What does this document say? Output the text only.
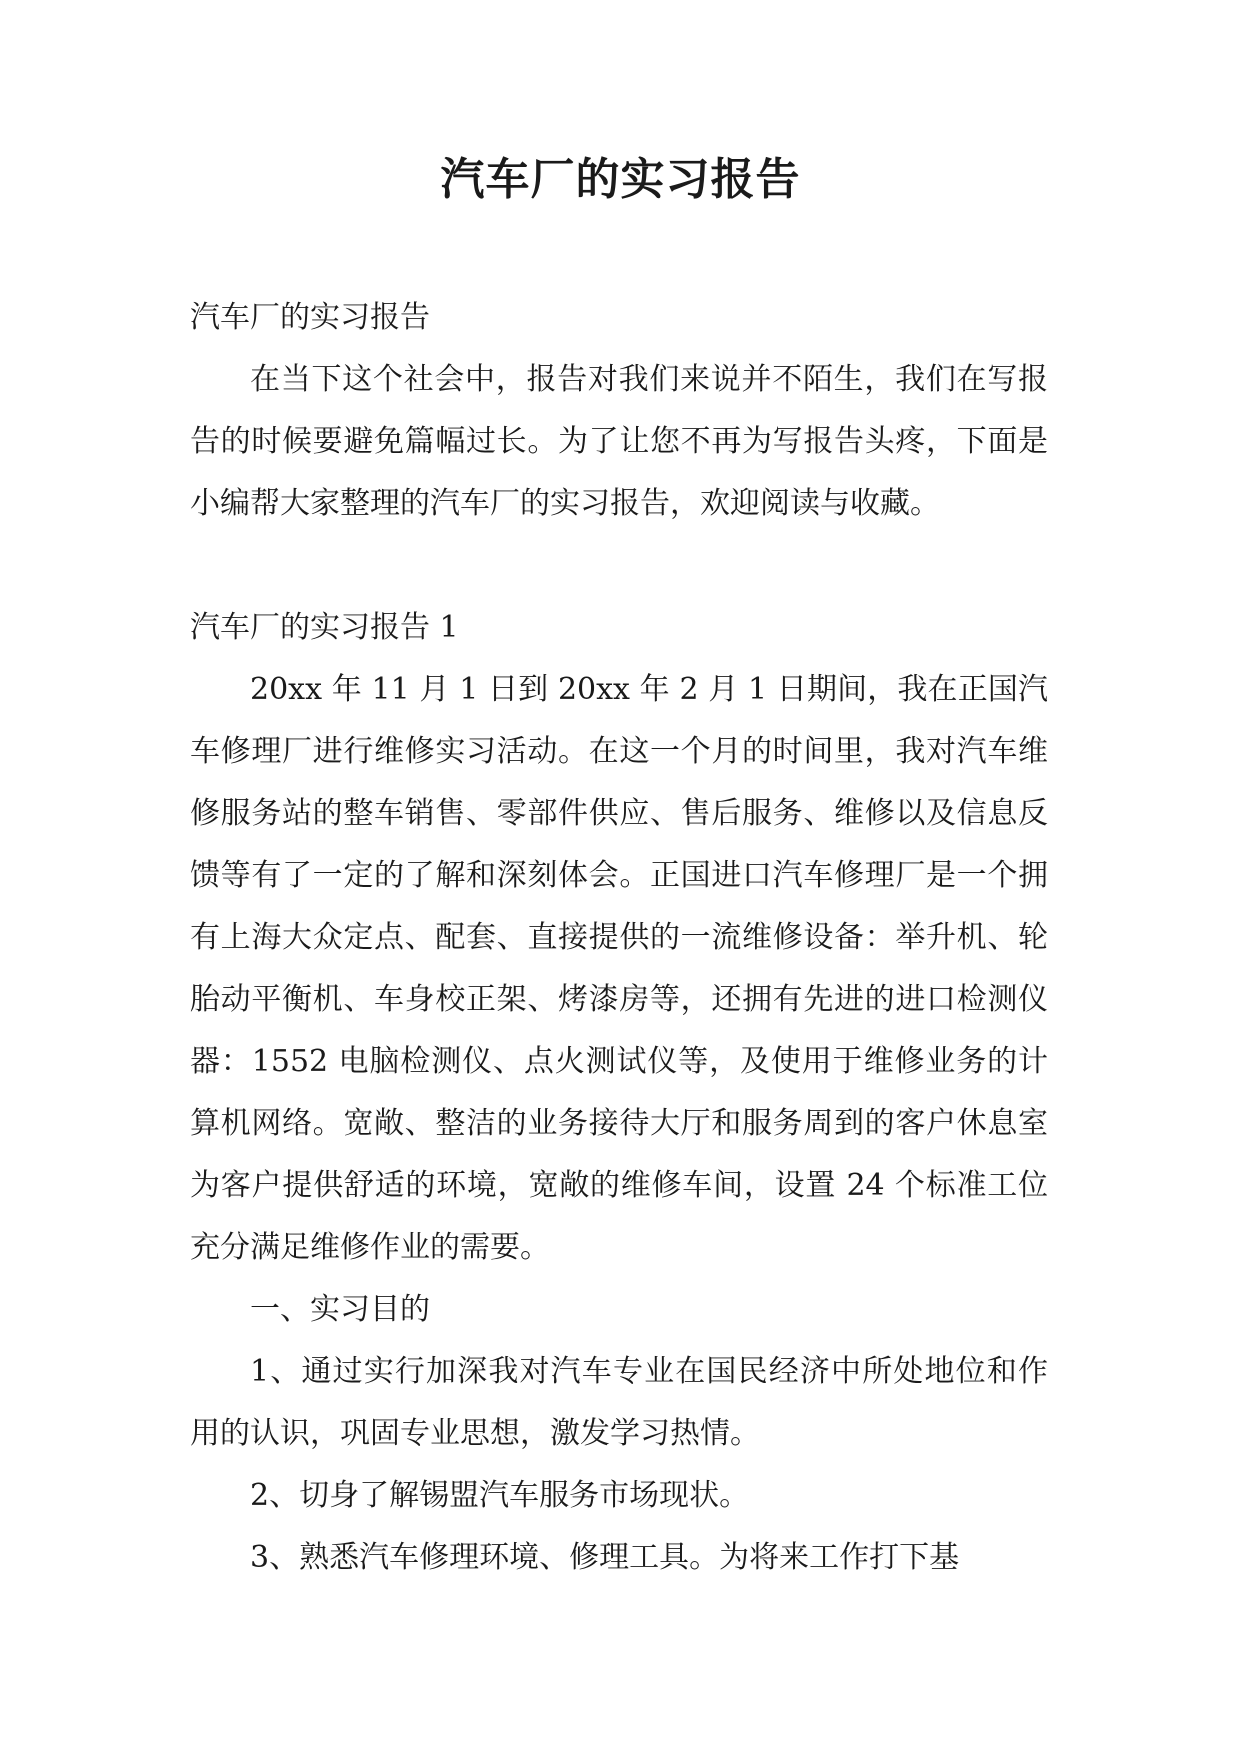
汽车厂的实习报告

汽车厂的实习报告

在当下这个社会中，报告对我们来说并不陌生，我们在写报告的时候要避免篇幅过长。为了让您不再为写报告头疼，下面是小编帮大家整理的汽车厂的实习报告，欢迎阅读与收藏。

汽车厂的实习报告 1

20xx 年 11 月 1 日到 20xx 年 2 月 1 日期间，我在正国汽车修理厂进行维修实习活动。在这一个月的时间里，我对汽车维修服务站的整车销售、零部件供应、售后服务、维修以及信息反馈等有了一定的了解和深刻体会。正国进口汽车修理厂是一个拥有上海大众定点、配套、直接提供的一流维修设备：举升机、轮胎动平衡机、车身校正架、烤漆房等，还拥有先进的进口检测仪器：1552 电脑检测仪、点火测试仪等，及使用于维修业务的计算机网络。宽敞、整洁的业务接待大厅和服务周到的客户休息室为客户提供舒适的环境，宽敞的维修车间，设置 24 个标准工位充分满足维修作业的需要。

一、实习目的

1、通过实行加深我对汽车专业在国民经济中所处地位和作用的认识，巩固专业思想，激发学习热情。

2、切身了解锡盟汽车服务市场现状。

3、熟悉汽车修理环境、修理工具。为将来工作打下基
